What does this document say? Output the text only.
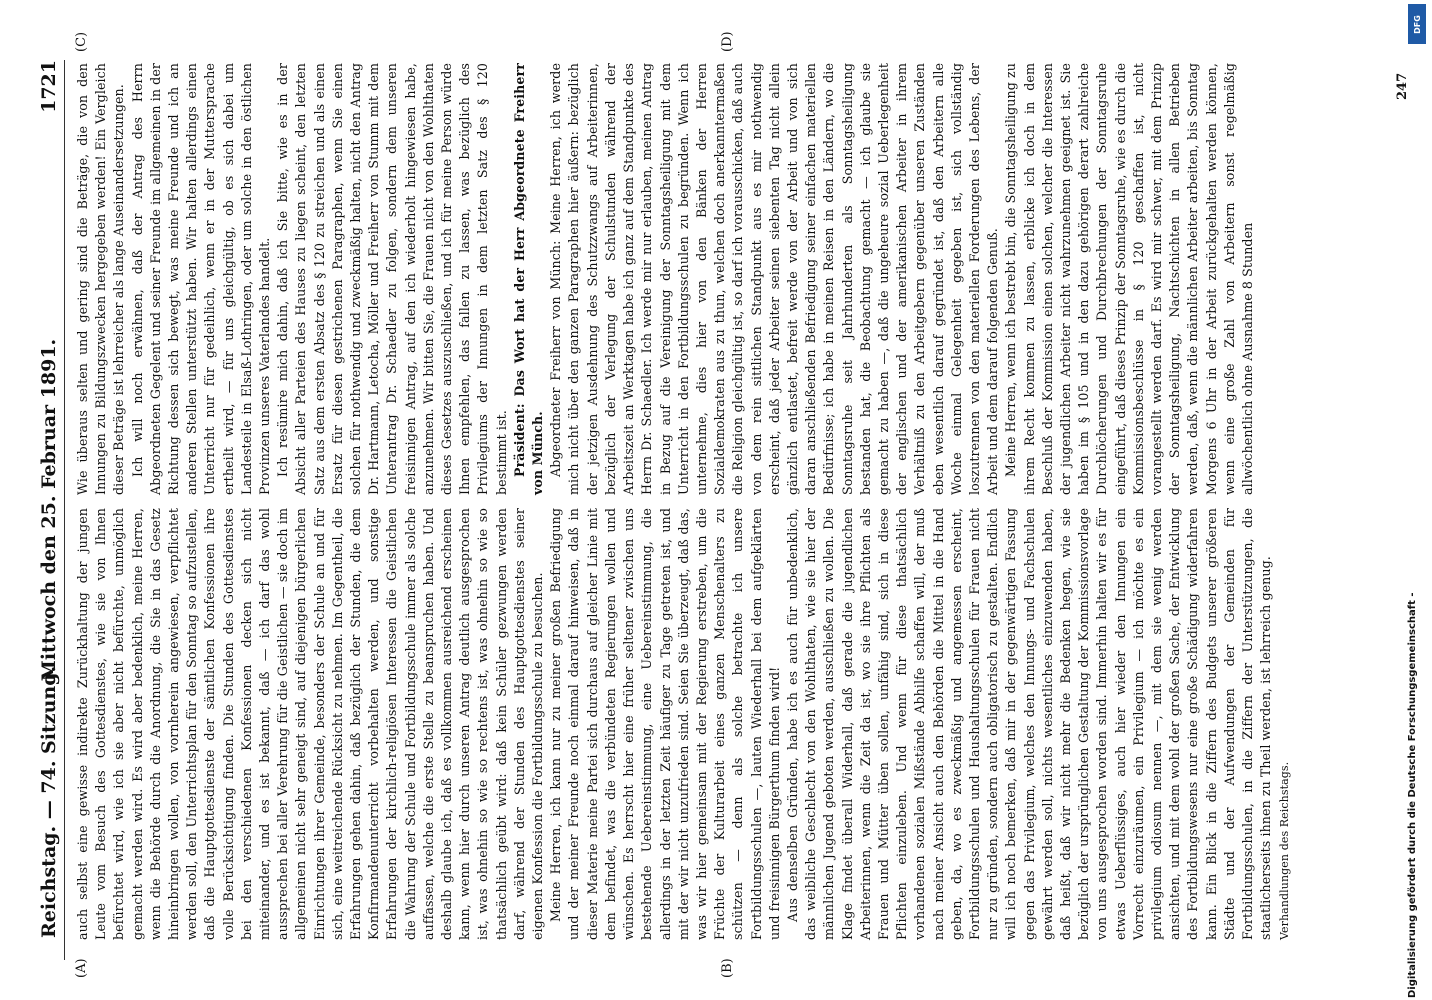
Reichstag. — 74. Sitzung.
Mittwoch den 25. Februar 1891.
1721
(A)	(B)
(C)	(D)

auch selbst eine gewisse indirekte Zurückhaltung der jungen Leute vom Besuch des Gottesdienstes, wie sie von Ihnen befürchtet wird, wie ich sie aber nicht befürchte, unmöglich gemacht werden wird. Es wird aber bedenklich, meine Herren, wenn die Behörde durch die Anordnung, die Sie in das Gesetz hineinbringen wollen, von vornherein angewiesen, verpflichtet werden soll, den Unterrichtsplan für den Sonntag so aufzustellen, daß die Hauptgottesdienste der sämtlichen Konfessionen ihre volle Berücksichtigung finden. Die Stunden des Gottesdienstes bei den verschiedenen Konfessionen decken sich nicht miteinander, und es ist bekannt, daß — ich darf das wohl aussprechen bei aller Verehrung für die Geistlichen — sie doch im allgemeinen nicht sehr geneigt sind, auf diejenigen bürgerlichen Einrichtungen ihrer Gemeinde, besonders der Schule an und für sich, eine weitreichende Rücksicht zu nehmen. Im Gegentheil, die Erfahrungen gehen dahin, daß bezüglich der Stunden, die dem Konfirmandenunterricht vorbehalten werden, und sonstige Erfahrungen der kirchlich-religiösen Interessen die Geistlichen die Wahrung der Schule und Fortbildungsschule immer als solche auffassen, welche die erste Stelle zu beanspruchen haben. Und deshalb glaube ich, daß es vollkommen ausreichend erscheinen kann, wenn hier durch unseren Antrag deutlich ausgesprochen ist, was ohnehin so wie so rechtens ist, was ohnehin so wie so thatsächlich geübt wird: daß kein Schüler gezwungen werden darf, während der Stunden des Hauptgottesdienstes seiner eigenen Konfession die Fortbildungsschule zu besuchen. Meine Herren, ich kann nur zu meiner großen Befriedigung und der meiner Freunde noch einmal darauf hinweisen, daß in dieser Materie meine Partei sich durchaus auf gleicher Linie mit dem befindet, was die verbündeten Regierungen wollen und wünschen. Es herrscht hier eine früher seltener zwischen uns bestehende Uebereinstimmung, eine Uebereinstimmung, die allerdings in der letzten Zeit häufiger zu Tage getreten ist, und mit der wir nicht unzufrieden sind. Seien Sie überzeugt, daß das, was wir hier gemeinsam mit der Regierung erstreben, um die Früchte der Kulturarbeit eines ganzen Menschenalters zu schützen — denn als solche betrachte ich unsere Fortbildungsschulen —, lauten Wiederhall bei dem aufgeklärten und freisinnigen Bürgerthum finden wird! Aus denselben Gründen, habe ich es auch für unbedenklich, das weibliche Geschlecht von den Wohlthaten, wie sie hier der männlichen Jugend geboten werden, ausschließen zu wollen. Die Klage findet überall Widerhall, daß gerade die jugendlichen Arbeiterinnen, wenn die Zeit da ist, wo sie ihre Pflichten als Frauen und Mütter üben sollen, unfähig sind, sich in diese Pflichten einzuleben. Und wenn für diese thatsächlich vorhandenen sozialen Mißstände Abhilfe schaffen will, der muß nach meiner Ansicht auch den Behörden die Mittel in die Hand geben, da, wo es zweckmäßig und angemessen erscheint, Fortbildungsschulen und Haushaltungsschulen für Frauen nicht nur zu gründen, sondern auch obligatorisch zu gestalten. Endlich will ich noch bemerken, daß mir in der gegenwärtigen Fassung gegen das Privilegium, welches den Innungs- und Fachschulen gewährt werden soll, nichts wesentliches einzuwenden haben, daß heißt, daß wir nicht mehr die Bedenken hegen, wie sie bezüglich der ursprünglichen Gestaltung der Kommissionsvorlage von uns ausgesprochen worden sind. Immerhin halten wir es für etwas Ueberflüssiges, auch hier wieder den Innungen ein Vorrecht einzuräumen, ein Privilegium — ich möchte es ein privilegium odiosum nennen —, mit dem sie wenig werden ansichten, und mit dem wohl der großen Sache, der Entwicklung des Fortbildungswesens nur eine große Schädigung widerfahren kann. Ein Blick in die Ziffern des Budgets unserer größeren Städte und der Aufwendungen der Gemeinden für Fortbildungsschulen, in die Ziffern der Unterstützungen, die staatlicherseits ihnen zu Theil werden, ist lehrreich genug. Verhandlungen des Reichstags.

Wie überaus selten und gering sind die Beträge, die von den Innungen zu Bildungszwecken hergegeben werden! Ein Vergleich dieser Beträge ist lehrreicher als lange Auseinandersetzungen. Ich will noch erwähnen, daß der Antrag des Herrn Abgeordneten Gegelent und seiner Freunde im allgemeinen in der Richtung dessen sich bewegt, was meine Freunde und ich an anderen Stellen unterstützt haben. Wir halten allerdings einen Unterricht nur für gedeihlich, wenn er in der Muttersprache ertheilt wird, — für uns gleichgültig, ob es sich dabei um Landesteile in Elsaß-Lothringen, oder um solche in den östlichen Provinzen unseres Vaterlandes handelt. Ich resümire mich dahin, daß ich Sie bitte, wie es in der Absicht aller Parteien des Hauses zu liegen scheint, den letzten Satz aus dem ersten Absatz des § 120 zu streichen und als einen Ersatz für diesen gestrichenen Paragraphen, wenn Sie einen solchen für nothwendig und zweckmäßig halten, nicht den Antrag Dr. Hartmann, Letocha, Möller und Freiherr von Stumm mit dem Unterantrag Dr. Schaedler zu folgen, sondern dem unseren freisinnigen Antrag, auf den ich wiederholt hingewiesen habe, anzunehmen. Wir bitten Sie, die Frauen nicht von den Wohlthaten dieses Gesetzes auszuschließen, und ich für meine Person würde Ihnen empfehlen, das fallen zu lassen, was bezüglich des Privilegiums der Innungen in dem letzten Satz des § 120 bestimmt ist. Präsident: Das Wort hat der Herr Abgeordnete Freiherr von Münch. Abgeordneter Freiherr von Münch: Meine Herren, ich werde mich nicht über den ganzen Paragraphen hier äußern: bezüglich der jetzigen Ausdehnung des Schutzzwangs auf Arbeiterinnen, bezüglich der Verlegung der Schulstunden während der Arbeitszeit an Werktagen habe ich ganz auf dem Standpunkte des Herrn Dr. Schaedler. Ich werde mir nur erlauben, meinen Antrag in Bezug auf die Vereinigung der Sonntagsheiligung mit dem Unterricht in den Fortbildungsschulen zu begründen. Wenn ich unternehme, dies hier von den Bänken der Herren Sozialdemokraten aus zu thun, welchen doch anerkanntermaßen die Religion gleichgültig ist, so darf ich vorausschicken, daß auch von dem rein sittlichen Standpunkt aus es mir nothwendig erscheint, daß jeder Arbeiter seinen siebenten Tag nicht allein gänzlich entlastet, befreit werde von der Arbeit und von sich daran anschließenden Befriedigung seiner einfachen materiellen Bedürfnisse; ich habe in meinen Reisen in den Ländern, wo die Sonntagsruhe seit Jahrhunderten als Sonntagsheiligung bestanden hat, die Beobachtung gemacht — ich glaube sie gemacht zu haben —, daß die ungeheure sozial Ueberlegenheit der englischen und der amerikanischen Arbeiter in ihrem Verhältniß zu den Arbeitgebern gegenüber unseren Zuständen eben wesentlich darauf gegründet ist, daß den Arbeitern alle Woche einmal Gelegenheit gegeben ist, sich vollständig loszutrennen von den materiellen Forderungen des Lebens, der Arbeit und dem darauf folgenden Genuß. Meine Herren, wenn ich bestrebt bin, die Sonntagsheiligung zu ihrem Recht kommen zu lassen, erblicke ich doch in dem Beschluß der Kommission einen solchen, welcher die Interessen der jugendlichen Arbeiter nicht wahrzunehmen geeignet ist. Sie haben im § 105 und in den dazu gehörigen derart zahlreiche Durchlöcherungen und Durchbrechungen der Sonntagsruhe eingeführt, daß dieses Prinzip der Sonntagsruhe, wie es durch die Kommissionsbeschlüsse in § 120 geschaffen ist, nicht vorangestellt werden darf. Es wird mir schwer, mit dem Prinzip der Sonntagsheiligung, Nachtschichten in allen Betrieben werden, daß, wenn die männlichen Arbeiter arbeiten, bis Sonntag Morgens 6 Uhr in der Arbeit zurückgehalten werden können, wenn eine große Zahl von Arbeitern sonst regelmäßig allwöchentlich ohne Ausnahme 8 Stunden

247
DFG
Digitalisierung gefördert durch die Deutsche Forschungsgemeinschaft -
